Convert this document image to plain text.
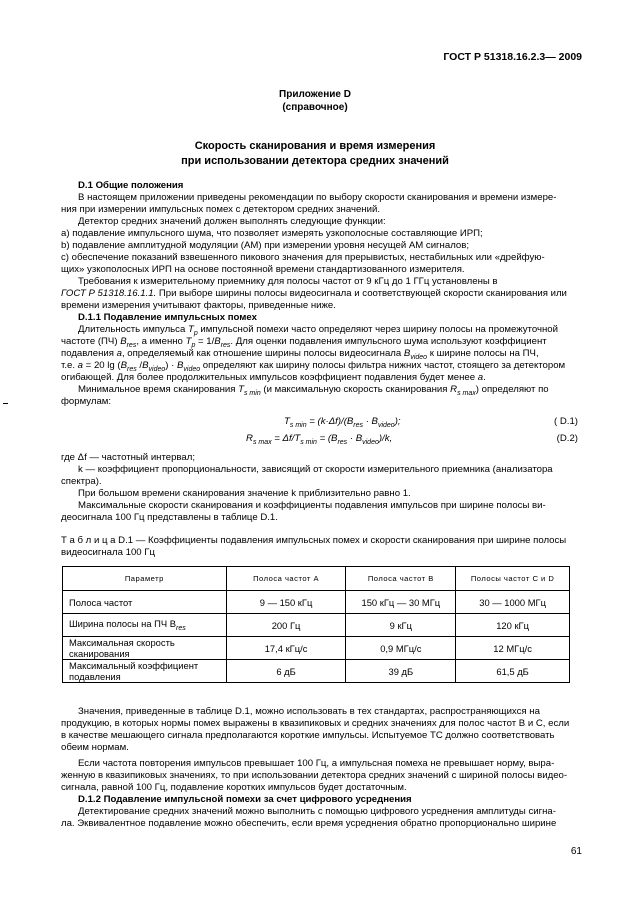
ГОСТ Р 51318.16.2.3— 2009
Приложение D
(справочное)
Скорость сканирования и время измерения
при использовании детектора средних значений
D.1 Общие положения
В настоящем приложении приведены рекомендации по выбору скорости сканирования и времени измере-
ния при измерении импульсных помех с детектором средних значений.
Детектор средних значений должен выполнять следующие функции:
а) подавление импульсного шума, что позволяет измерять узкополосные составляющие ИРП;
b) подавление амплитудной модуляции (АМ) при измерении уровня несущей АМ сигналов;
с) обеспечение показаний взвешенного пикового значения для прерывистых, нестабильных или «дрейфую-
щих» узкополосных ИРП на основе постоянной времени стандартизованного измерителя.
Требования к измерительному приемнику для полосы частот от 9 кГц до 1 ГГц установлены в
ГОСТ Р 51318.16.1.1. При выборе ширины полосы видеосигнала и соответствующей скорости сканирования или
времени измерения учитывают факторы, приведенные ниже.
D.1.1 Подавление импульсных помех
Длительность импульса $T_p$ импульсной помехи часто определяют через ширину полосы на промежуточной
частоте (ПЧ) $B_{res}$, а именно $T_p = 1/B_{res}$. Для оценки подавления импульсного шума используют коэффициент
подавления a, определяемый как отношение ширины полосы видеосигнала $B_{video}$ к ширине полосы на ПЧ,
т.е. a = 20 $\lg (B_{res}$ $/B_{video}) \cdot B_{video}$ определяют как ширину полосы фильтра нижних частот, стоящего за детектором
огибающей. Для более продолжительных импульсов коэффициент подавления будет менее a.
Минимальное время сканирования $T_{s min}$ (и максимальную скорость сканирования $R_{s max}$) определяют по
формулам:
$T_{s min} = (k\cdot\Delta f)/(B_{res} \cdot B_{video})$;	( D.1)
$R_{s max} = \Delta f/T_{s min} = (B_{res} \cdot B_{video})/k$,	(D.2)
где Δf — частотный интервал;
k — коэффициент пропорциональности, зависящий от скорости измерительного приемника (анализатора
спектра).
При большом времени сканирования значение k приблизительно равно 1.
Максимальные скорости сканирования и коэффициенты подавления импульсов при ширине полосы ви-
деосигнала 100 Гц представлены в таблице D.1.
Т а б л и ц а D.1 — Коэффициенты подавления импульсных помех и скорости сканирования при ширине полосы
видеосигнала 100 Гц
Параметр	Полоса частот А	Полоса частот В	Полосы частот С и D
Полоса частот	9 — 150 кГц	150 кГц — 30 МГц	30 — 1000 МГц
Ширина полосы на ПЧ $B_{res}$	200 Гц	9 кГц	120 кГц
Максимальная скорость сканирования	17,4 кГц/с	0,9 МГц/с	12 МГц/с
Максимальный коэффициент подавления	6 дБ	39 дБ	61,5 дБ
Значения, приведенные в таблице D.1, можно использовать в тех стандартах, распространяющихся на
продукцию, в которых нормы помех выражены в квазипиковых и средних значениях для полос частот В и С, если
в качестве мешающего сигнала предполагаются короткие импульсы. Испытуемое ТС должно соответствовать
обеим нормам.
Если частота повторения импульсов превышает 100 Гц, а импульсная помеха не превышает норму, выра-
женную в квазипиковых значениях, то при использовании детектора средних значений с шириной полосы видео-
сигнала, равной 100 Гц, подавление коротких импульсов будет достаточным.
D.1.2 Подавление импульсной помехи за счет цифрового усреднения
Детектирование средних значений можно выполнить с помощью цифрового усреднения амплитуды сигна-
ла. Эквивалентное подавление можно обеспечить, если время усреднения обратно пропорционально ширине
61
